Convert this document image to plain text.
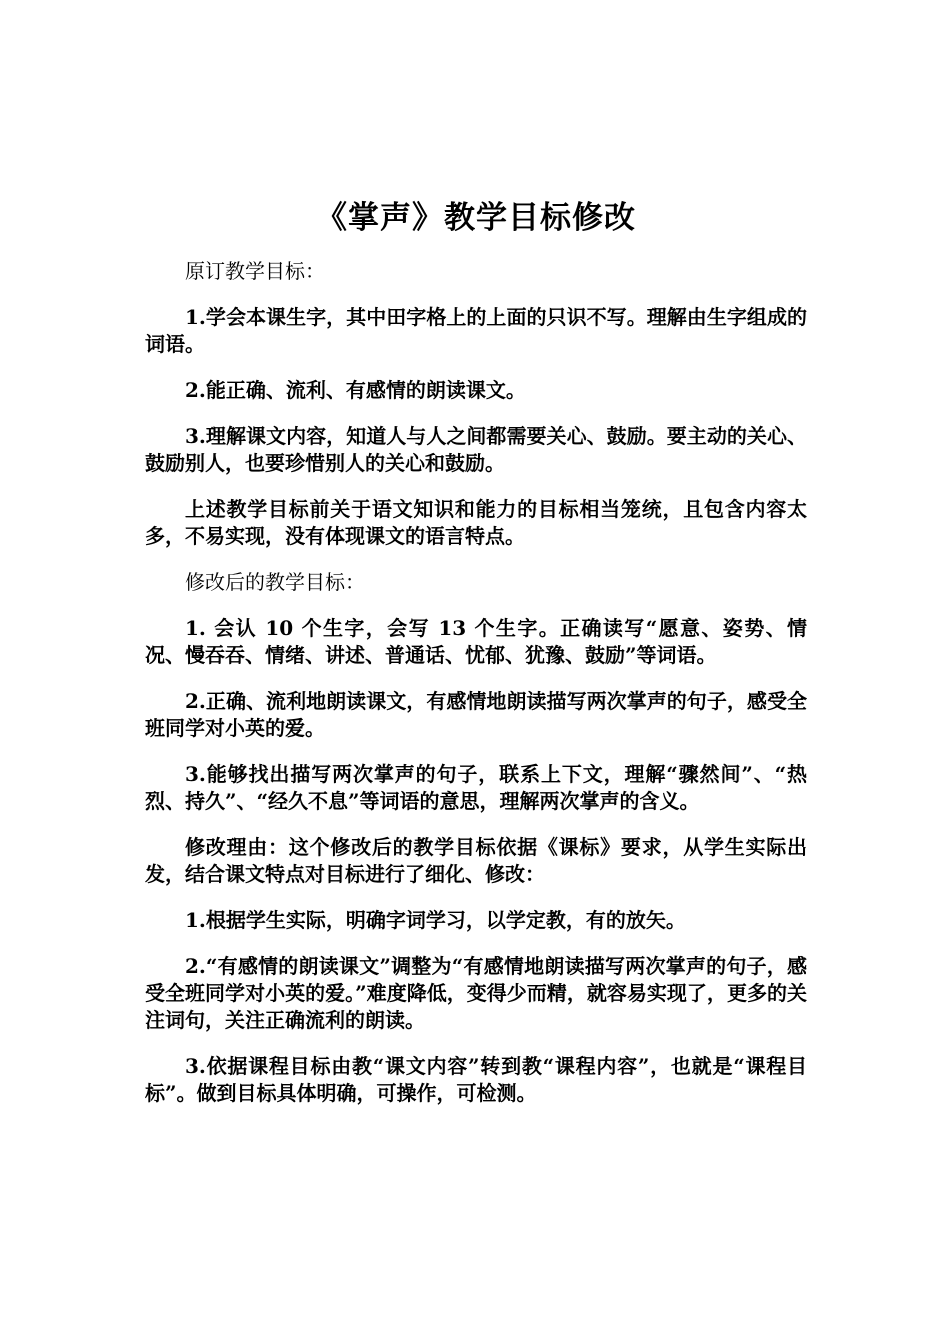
《掌声》教学目标修改

原订教学目标：

1.学会本课生字，其中田字格上的上面的只识不写。理解由生字组成的词语。

2.能正确、流利、有感情的朗读课文。

3.理解课文内容，知道人与人之间都需要关心、鼓励。要主动的关心、鼓励别人，也要珍惜别人的关心和鼓励。

上述教学目标前关于语文知识和能力的目标相当笼统，且包含内容太多，不易实现，没有体现课文的语言特点。

修改后的教学目标：

1. 会认 10 个生字，会写 13 个生字。正确读写“愿意、姿势、情况、慢吞吞、情绪、讲述、普通话、忧郁、犹豫、鼓励”等词语。

2.正确、流利地朗读课文，有感情地朗读描写两次掌声的句子，感受全班同学对小英的爱。

3.能够找出描写两次掌声的句子，联系上下文，理解“骤然间”、“热烈、持久”、“经久不息”等词语的意思，理解两次掌声的含义。

修改理由：这个修改后的教学目标依据《课标》要求，从学生实际出发，结合课文特点对目标进行了细化、修改：

1.根据学生实际，明确字词学习，以学定教，有的放矢。

2.“有感情的朗读课文”调整为“有感情地朗读描写两次掌声的句子，感受全班同学对小英的爱。”难度降低，变得少而精，就容易实现了，更多的关注词句，关注正确流利的朗读。

3.依据课程目标由教“课文内容”转到教“课程内容”，也就是“课程目标”。做到目标具体明确，可操作，可检测。
